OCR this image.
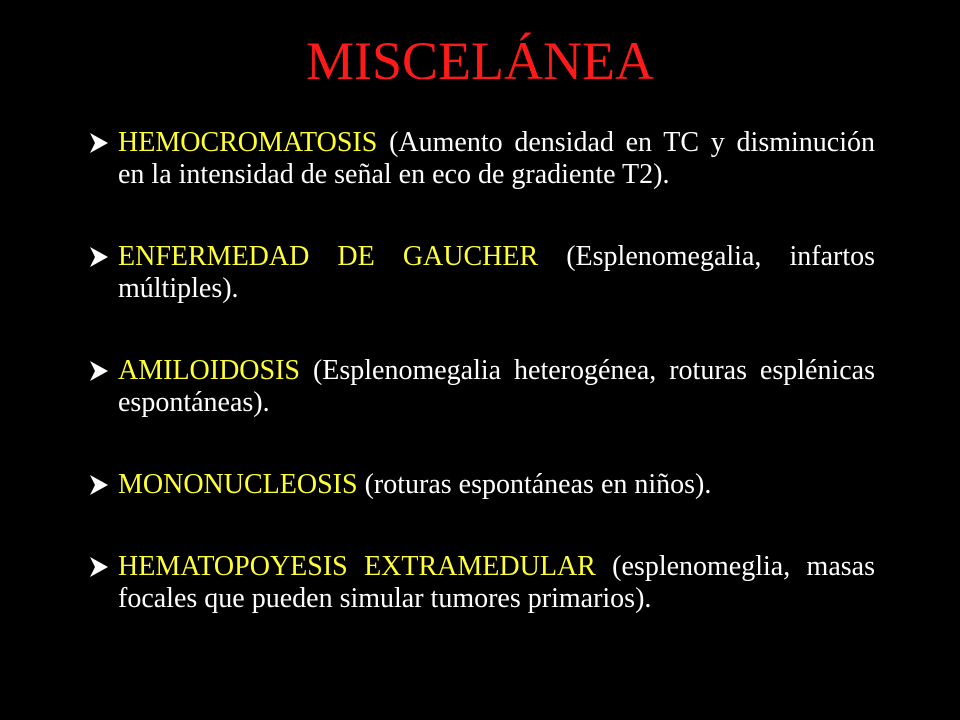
MISCELÁNEA
HEMOCROMATOSIS (Aumento densidad en TC y disminución en la intensidad de señal en eco de gradiente T2).
ENFERMEDAD DE GAUCHER (Esplenomegalia, infartos múltiples).
AMILOIDOSIS (Esplenomegalia heterogénea, roturas esplénicas espontáneas).
MONONUCLEOSIS (roturas espontáneas en niños).
HEMATOPOYESIS EXTRAMEDULAR (esplenomeglia, masas focales que pueden simular tumores primarios).
